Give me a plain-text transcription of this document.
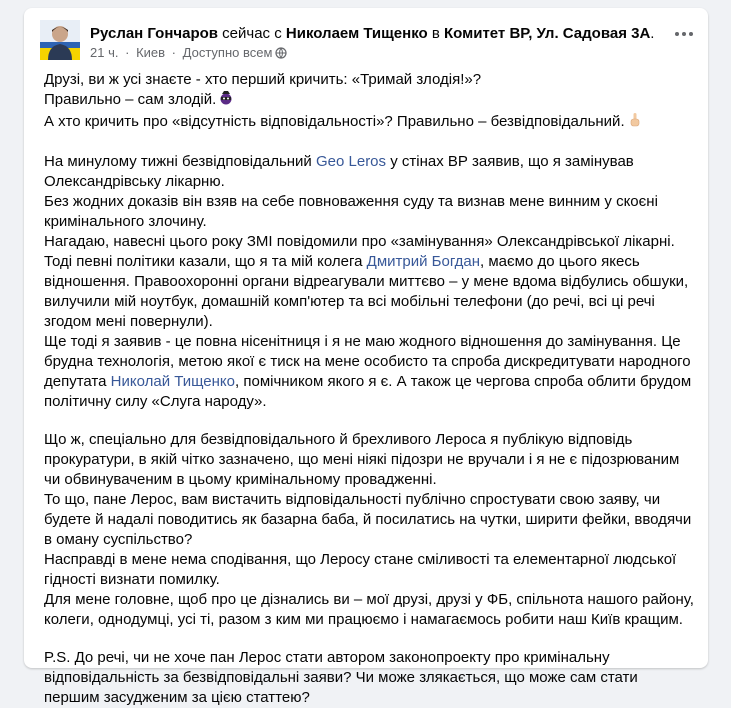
Руслан Гончаров сейчас с Николаем Тищенко в Комитет ВР, Ул. Садовая 3А.
21 ч. · Киев · Доступно всем

Друзі, ви ж усі знаєте - хто перший кричить: «Тримай злодія!»?

Правильно – сам злодій.

А хто кричить про «відсутність відповідальності»? Правильно – безвідповідальний.

На минулому тижні безвідповідальний Geo Leros у стінах ВР заявив, що я замінував Олександрівську лікарню.

Без жодних доказів він взяв на себе повноваження суду та визнав мене винним у скоєні кримінального злочину.

Нагадаю, навесні цього року ЗМІ повідомили про «замінування» Олександрівської лікарні.

Тоді певні політики казали, що я та мій колега Дмитрий Богдан, маємо до цього якесь відношення. Правоохоронні органи відреагували миттєво – у мене вдома відбулись обшуки, вилучили мій ноутбук, домашній комп'ютер та всі мобільні телефони (до речі, всі ці речі згодом мені повернули).

Ще тоді я заявив - це повна нісенітниця і я не маю жодного відношення до замінування. Це брудна технологія, метою якої є тиск на мене особисто та спроба дискредитувати народного депутата Николай Тищенко, помічником якого я є. А також це чергова спроба облити брудом політичну силу «Слуга народу».

Що ж, спеціально для безвідповідального й брехливого Лероса я публікую відповідь прокуратури, в якій чітко зазначено, що мені ніякі підозри не вручали і я не є підозрюваним чи обвинуваченим в цьому кримінальному провадженні.

То що, пане Лерос, вам вистачить відповідальності публічно спростувати свою заяву, чи будете й надалі поводитись як базарна баба, й посилатись на чутки, ширити фейки, вводячи в оману суспільство?

Насправді в мене нема сподівання, що Леросу стане сміливості та елементарної людської гідності визнати помилку.

Для мене головне, щоб про це дізнались ви – мої друзі, друзі у ФБ, спільнота нашого району, колеги, однодумці, усі ті, разом з ким ми працюємо і намагаємось робити наш Київ кращим.

P.S. До речі, чи не хоче пан Лерос стати автором законопроекту про кримінальну відповідальність за безвідповідальні заяви? Чи може злякається, що може сам стати першим засудженим за цією статтею?
